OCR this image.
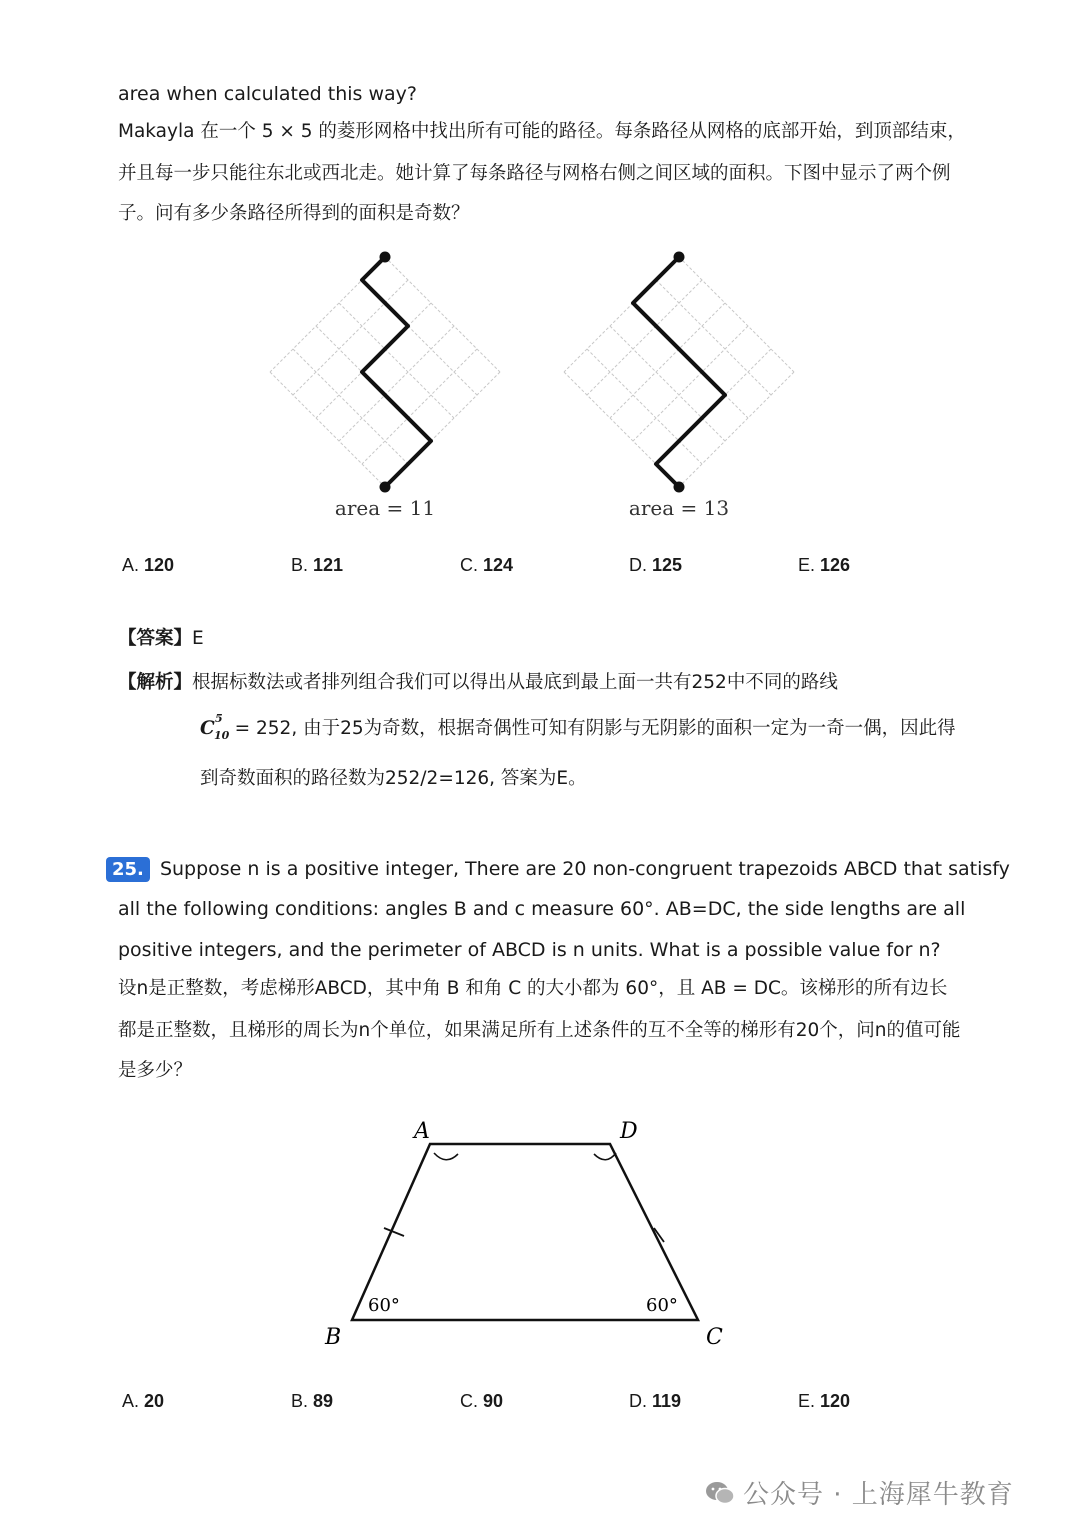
area when calculated this way?
Makayla 在一个 5 × 5 的菱形网格中找出所有可能的路径。每条路径从网格的底部开始，到顶部结束，
并且每一步只能往东北或西北走。她计算了每条路径与网格右侧之间区域的面积。下图中显示了两个例
子。问有多少条路径所得到的面积是奇数？
area = 11	area = 13
A. 120	B. 121	C. 124	D. 125	E. 126
【答案】E
【解析】根据标数法或者排列组合我们可以得出从最底到最上面一共有252中不同的路线
C 5
10 = 252, 由于25为奇数，根据奇偶性可知有阴影与无阴影的面积一定为一奇一偶，因此得
到奇数面积的路径数为252/2=126, 答案为E。
25. Suppose n is a positive integer, There are 20 non-congruent trapezoids ABCD that satisfy
all the following conditions: angles B and c measure 60°. AB=DC, the side lengths are all
positive integers, and the perimeter of ABCD is n units. What is a possible value for n?
设n是正整数，考虑梯形ABCD，其中角 B 和角 C 的大小都为 60°，且 AB = DC。该梯形的所有边长
都是正整数，且梯形的周长为n个单位，如果满足所有上述条件的互不全等的梯形有20个，问n的值可能
是多少？
A	D
B	C
60°	60°
A. 20	B. 89	C. 90	D. 119	E. 120
公众号 · 上海犀牛教育
